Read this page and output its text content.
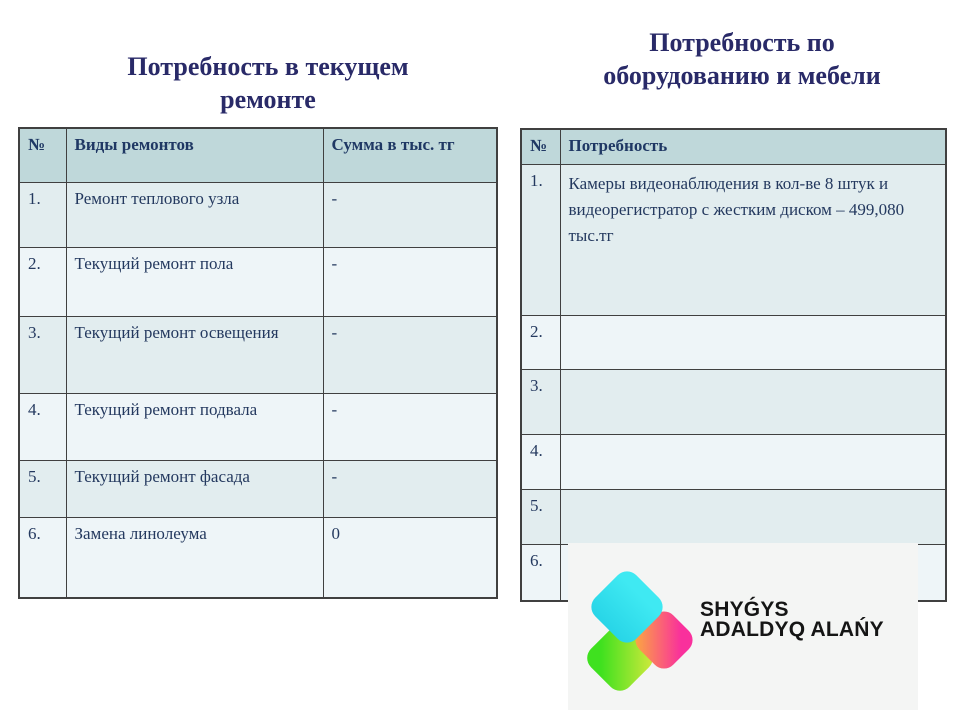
Потребность в текущем
ремонте
Потребность по
оборудованию и мебели
№	Виды ремонтов	Сумма в тыс. тг
1.	Ремонт теплового узла	-
2.	Текущий ремонт пола	-
3.	Текущий ремонт освещения	-
4.	Текущий ремонт подвала	-
5.	Текущий ремонт фасада	-
6.	Замена линолеума	0
№	Потребность
1.	Камеры видеонаблюдения в кол-ве 8 штук и видеорегистратор с жестким диском – 499,080 тыс.тг
2.	
3.	
4.	
5.	
6.	
SHYǴYS
ADALDYQ ALAŃY
